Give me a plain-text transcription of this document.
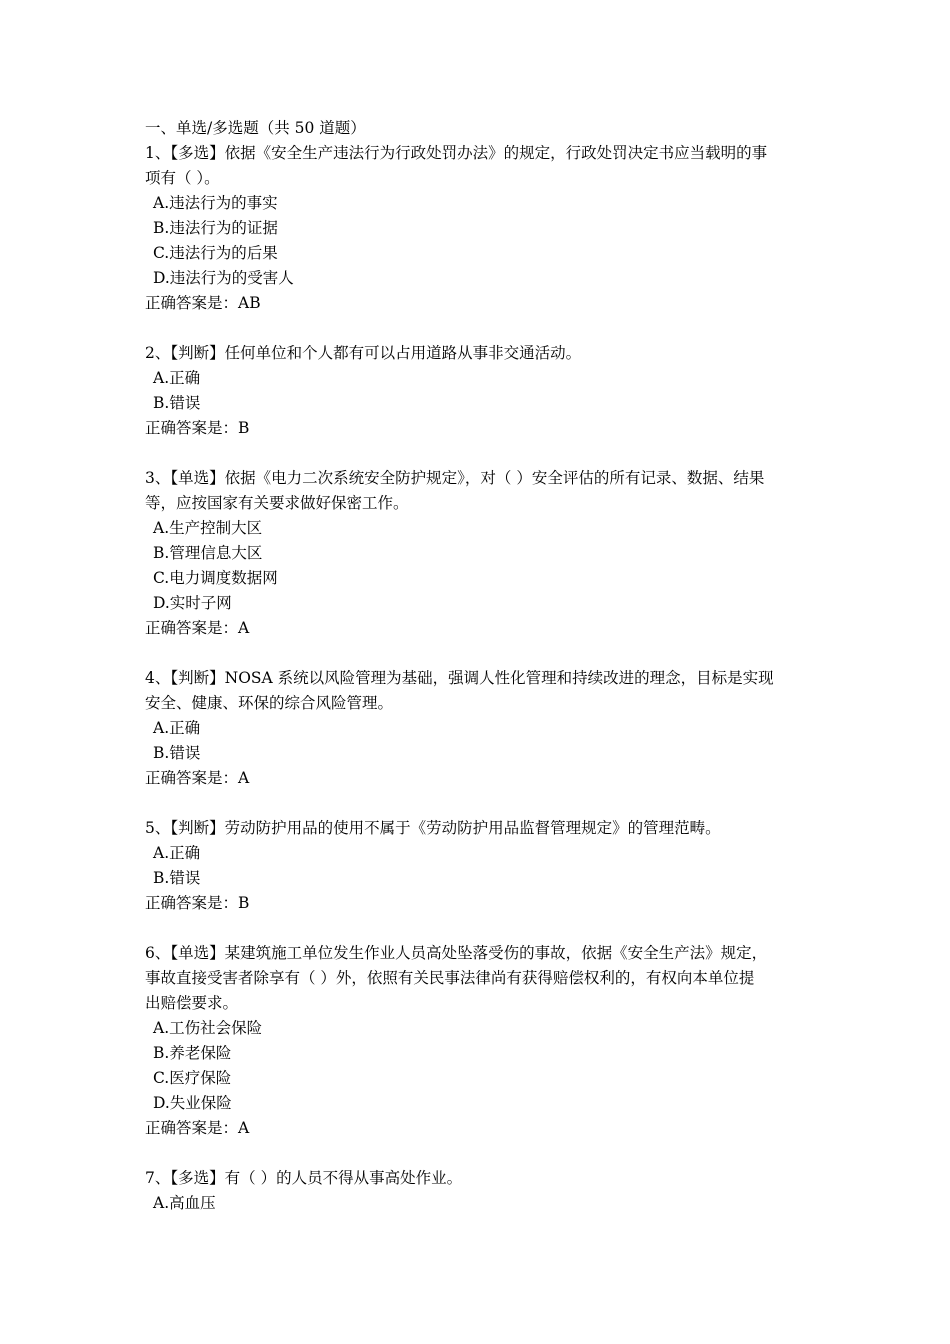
一、单选/多选题（共 50 道题）
1、【多选】依据《安全生产违法行为行政处罚办法》的规定，行政处罚决定书应当载明的事
项有（ ）。
A.违法行为的事实
B.违法行为的证据
C.违法行为的后果
D.违法行为的受害人
正确答案是：AB
2、【判断】任何单位和个人都有可以占用道路从事非交通活动。
A.正确
B.错误
正确答案是：B
3、【单选】依据《电力二次系统安全防护规定》，对（ ）安全评估的所有记录、数据、结果
等，应按国家有关要求做好保密工作。
A.生产控制大区
B.管理信息大区
C.电力调度数据网
D.实时子网
正确答案是：A
4、【判断】NOSA 系统以风险管理为基础，强调人性化管理和持续改进的理念，目标是实现
安全、健康、环保的综合风险管理。
A.正确
B.错误
正确答案是：A
5、【判断】劳动防护用品的使用不属于《劳动防护用品监督管理规定》的管理范畴。
A.正确
B.错误
正确答案是：B
6、【单选】某建筑施工单位发生作业人员高处坠落受伤的事故，依据《安全生产法》规定，
事故直接受害者除享有（ ）外，依照有关民事法律尚有获得赔偿权利的，有权向本单位提
出赔偿要求。
A.工伤社会保险
B.养老保险
C.医疗保险
D.失业保险
正确答案是：A
7、【多选】有（ ）的人员不得从事高处作业。
A.高血压
